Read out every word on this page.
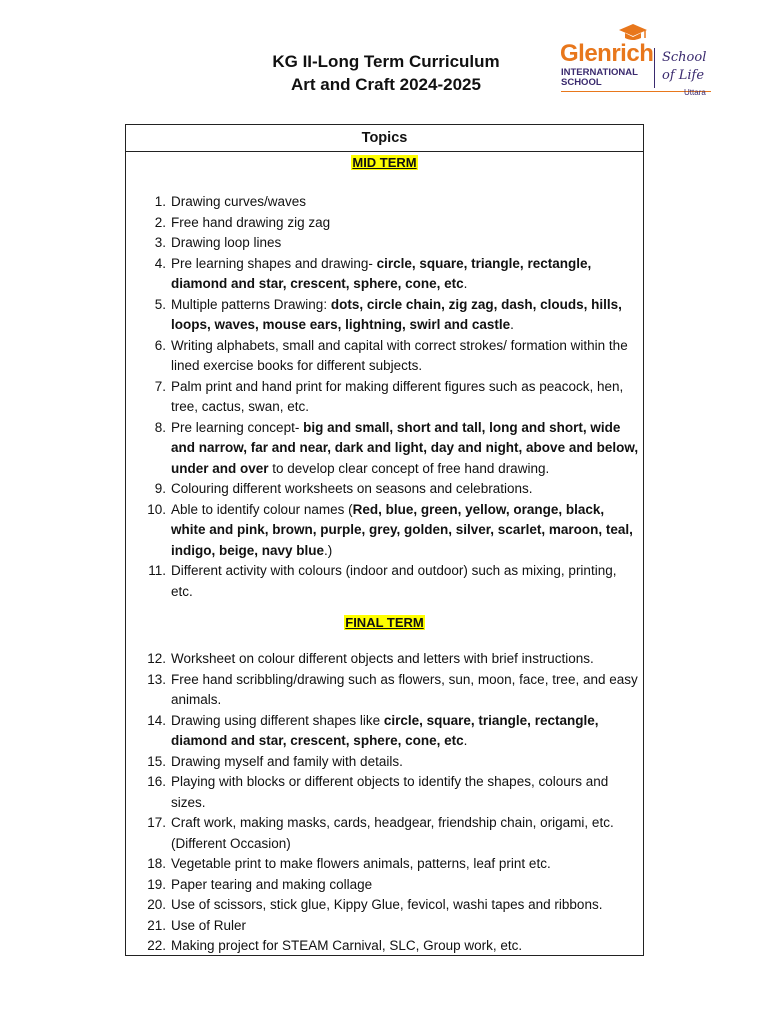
KG II-Long Term Curriculum
Art and Craft 2024-2025
Glenrich
INTERNATIONAL
SCHOOL
School
of Life
Uttara
Topics
MID TERM
1. Drawing curves/waves
2. Free hand drawing zig zag
3. Drawing loop lines
4. Pre learning shapes and drawing- circle, square, triangle, rectangle, diamond and star, crescent, sphere, cone, etc.
5. Multiple patterns Drawing: dots, circle chain, zig zag, dash, clouds, hills, loops, waves, mouse ears, lightning, swirl and castle.
6. Writing alphabets, small and capital with correct strokes/ formation within the lined exercise books for different subjects.
7. Palm print and hand print for making different figures such as peacock, hen, tree, cactus, swan, etc.
8. Pre learning concept- big and small, short and tall, long and short, wide and narrow, far and near, dark and light, day and night, above and below, under and over to develop clear concept of free hand drawing.
9. Colouring different worksheets on seasons and celebrations.
10. Able to identify colour names (Red, blue, green, yellow, orange, black, white and pink, brown, purple, grey, golden, silver, scarlet, maroon, teal, indigo, beige, navy blue.)
11. Different activity with colours (indoor and outdoor) such as mixing, printing, etc.
FINAL TERM
12. Worksheet on colour different objects and letters with brief instructions.
13. Free hand scribbling/drawing such as flowers, sun, moon, face, tree, and easy animals.
14. Drawing using different shapes like circle, square, triangle, rectangle, diamond and star, crescent, sphere, cone, etc.
15. Drawing myself and family with details.
16. Playing with blocks or different objects to identify the shapes, colours and sizes.
17. Craft work, making masks, cards, headgear, friendship chain, origami, etc. (Different Occasion)
18. Vegetable print to make flowers animals, patterns, leaf print etc.
19. Paper tearing and making collage
20. Use of scissors, stick glue, Kippy Glue, fevicol, washi tapes and ribbons.
21. Use of Ruler
22. Making project for STEAM Carnival, SLC, Group work, etc.
